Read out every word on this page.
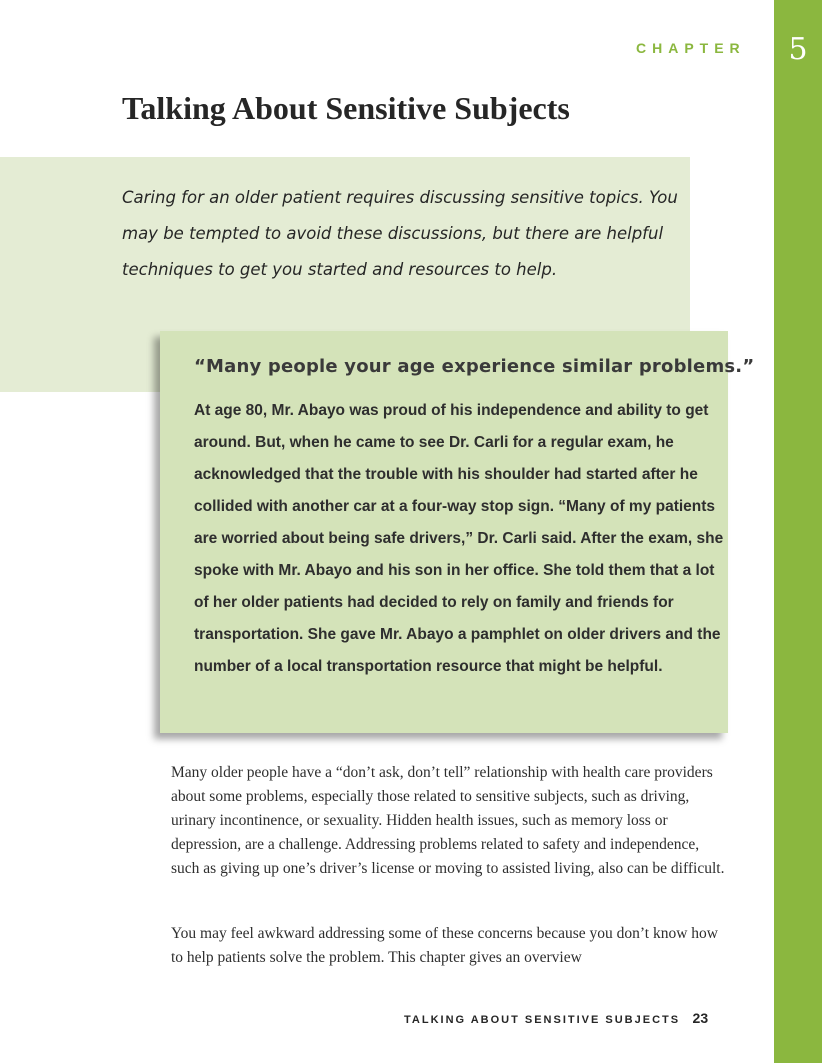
CHAPTER	5
Talking About Sensitive Subjects

Caring for an older patient requires discussing sensitive topics. You may be tempted to avoid these discussions, but there are helpful techniques to get you started and resources to help.

“Many people your age experience similar problems.”

At age 80, Mr. Abayo was proud of his independence and ability to get around. But, when he came to see Dr. Carli for a regular exam, he acknowledged that the trouble with his shoulder had started after he collided with another car at a four-way stop sign. “Many of my patients are worried about being safe drivers,” Dr. Carli said. After the exam, she spoke with Mr. Abayo and his son in her office. She told them that a lot of her older patients had decided to rely on family and friends for transportation. She gave Mr. Abayo a pamphlet on older drivers and the number of a local transportation resource that might be helpful.

Many older people have a “don’t ask, don’t tell” relationship with health care providers about some problems, especially those related to sensitive subjects, such as driving, urinary incontinence, or sexuality. Hidden health issues, such as memory loss or depression, are a challenge. Addressing problems related to safety and independence, such as giving up one’s driver’s license or moving to assisted living, also can be difficult.

You may feel awkward addressing some of these concerns because you don’t know how to help patients solve the problem. This chapter gives an overview

TALKING ABOUT SENSITIVE SUBJECTS 23
